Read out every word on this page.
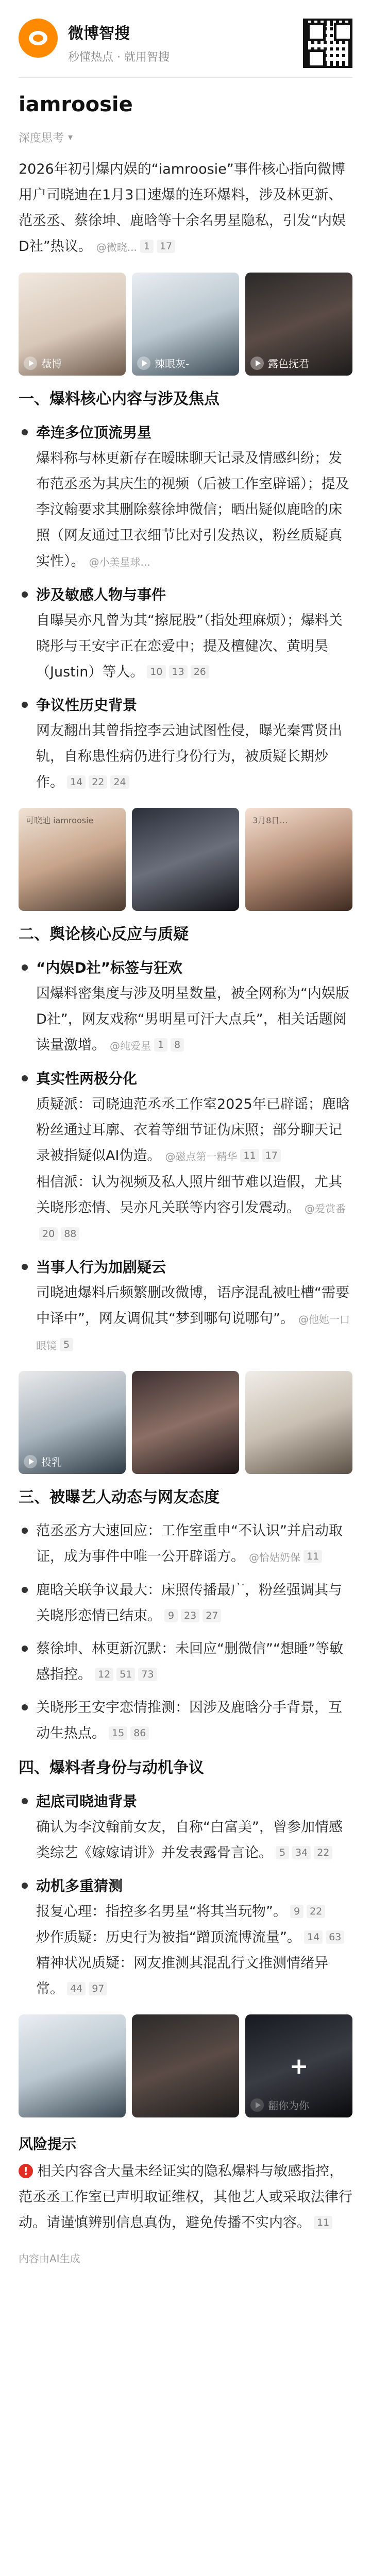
微博智搜
秒懂热点 · 就用智搜
iamroosie
深度思考 ▾

2026年初引爆内娱的“iamroosie”事件核心指向微博用户司晓迪在1月3日速爆的连环爆料，涉及林更新、范丞丞、蔡徐坤、鹿晗等十余名男星隐私，引发“内娱D社”热议。 @微晓... 1 17

薇博	辣眼灰-	露色抚君
一、爆料核心内容与涉及焦点
牵连多位顶流男星

爆料称与林更新存在暧昧聊天记录及情感纠纷；发布范丞丞为其庆生的视频（后被工作室辟谣）；提及李汶翰要求其删除蔡徐坤微信；晒出疑似鹿晗的床照（网友通过卫衣细节比对引发热议，粉丝质疑真实性）。 @小美星球...

涉及敏感人物与事件

自曝吴亦凡曾为其“擦屁股”（指处理麻烦）；爆料关晓彤与王安宇正在恋爱中；提及檀健次、黄明昊（Justin）等人。 10 13 26

争议性历史背景

网友翻出其曾指控李云迪试图性侵，曝光秦霄贤出轨，自称患性病仍进行身份行为，被质疑长期炒作。 14 22 24

可晓迪 iamroosie	3月8日…
二、舆论核心反应与质疑
“内娱D社”标签与狂欢

因爆料密集度与涉及明星数量，被全网称为“内娱版D社”，网友戏称“男明星可汗大点兵”，相关话题阅读量激增。 @纯爱星 1 8

真实性两极分化

质疑派：司晓迪范丞丞工作室2025年已辟谣；鹿晗粉丝通过耳廓、衣着等细节证伪床照；部分聊天记录被指疑似AI伪造。 @磁点第一精华 11 17

相信派：认为视频及私人照片细节难以造假，尤其关晓彤恋情、吴亦凡关联等内容引发震动。 @爱赏番20 88

当事人行为加剧疑云

司晓迪爆料后频繁删改微博，语序混乱被吐槽“需要中译中”，网友调侃其“梦到哪句说哪句”。 @他她一口眼镜 5

投乳
三、被曝艺人动态与网友态度

范丞丞方大速回应：工作室重申“不认识”并启动取证，成为事件中唯一公开辟谣方。 @恰姑奶保 11

鹿晗关联争议最大：床照传播最广，粉丝强调其与关晓彤恋情已结束。 9 23 27

蔡徐坤、林更新沉默：未回应“删微信”“想睡”等敏感指控。 12 51 73

关晓彤王安宇恋情推测：因涉及鹿晗分手背景，互动生热点。 15 86

四、爆料者身份与动机争议
起底司晓迪背景

确认为李汶翰前女友，自称“白富美”，曾参加情感类综艺《嫁嫁请讲》并发表露骨言论。 5 34 22

动机多重猜测

报复心理：指控多名男星“将其当玩物”。 9 22

炒作质疑：历史行为被指“蹭顶流博流量”。 14 63

精神状况质疑：网友推测其混乱行文推测情绪异常。 44 97

翻你为你
+
风险提示

! 相关内容含大量未经证实的隐私爆料与敏感指控，范丞丞工作室已声明取证维权，其他艺人或采取法律行动。请谨慎辨别信息真伪，避免传播不实内容。 11

内容由AI生成
